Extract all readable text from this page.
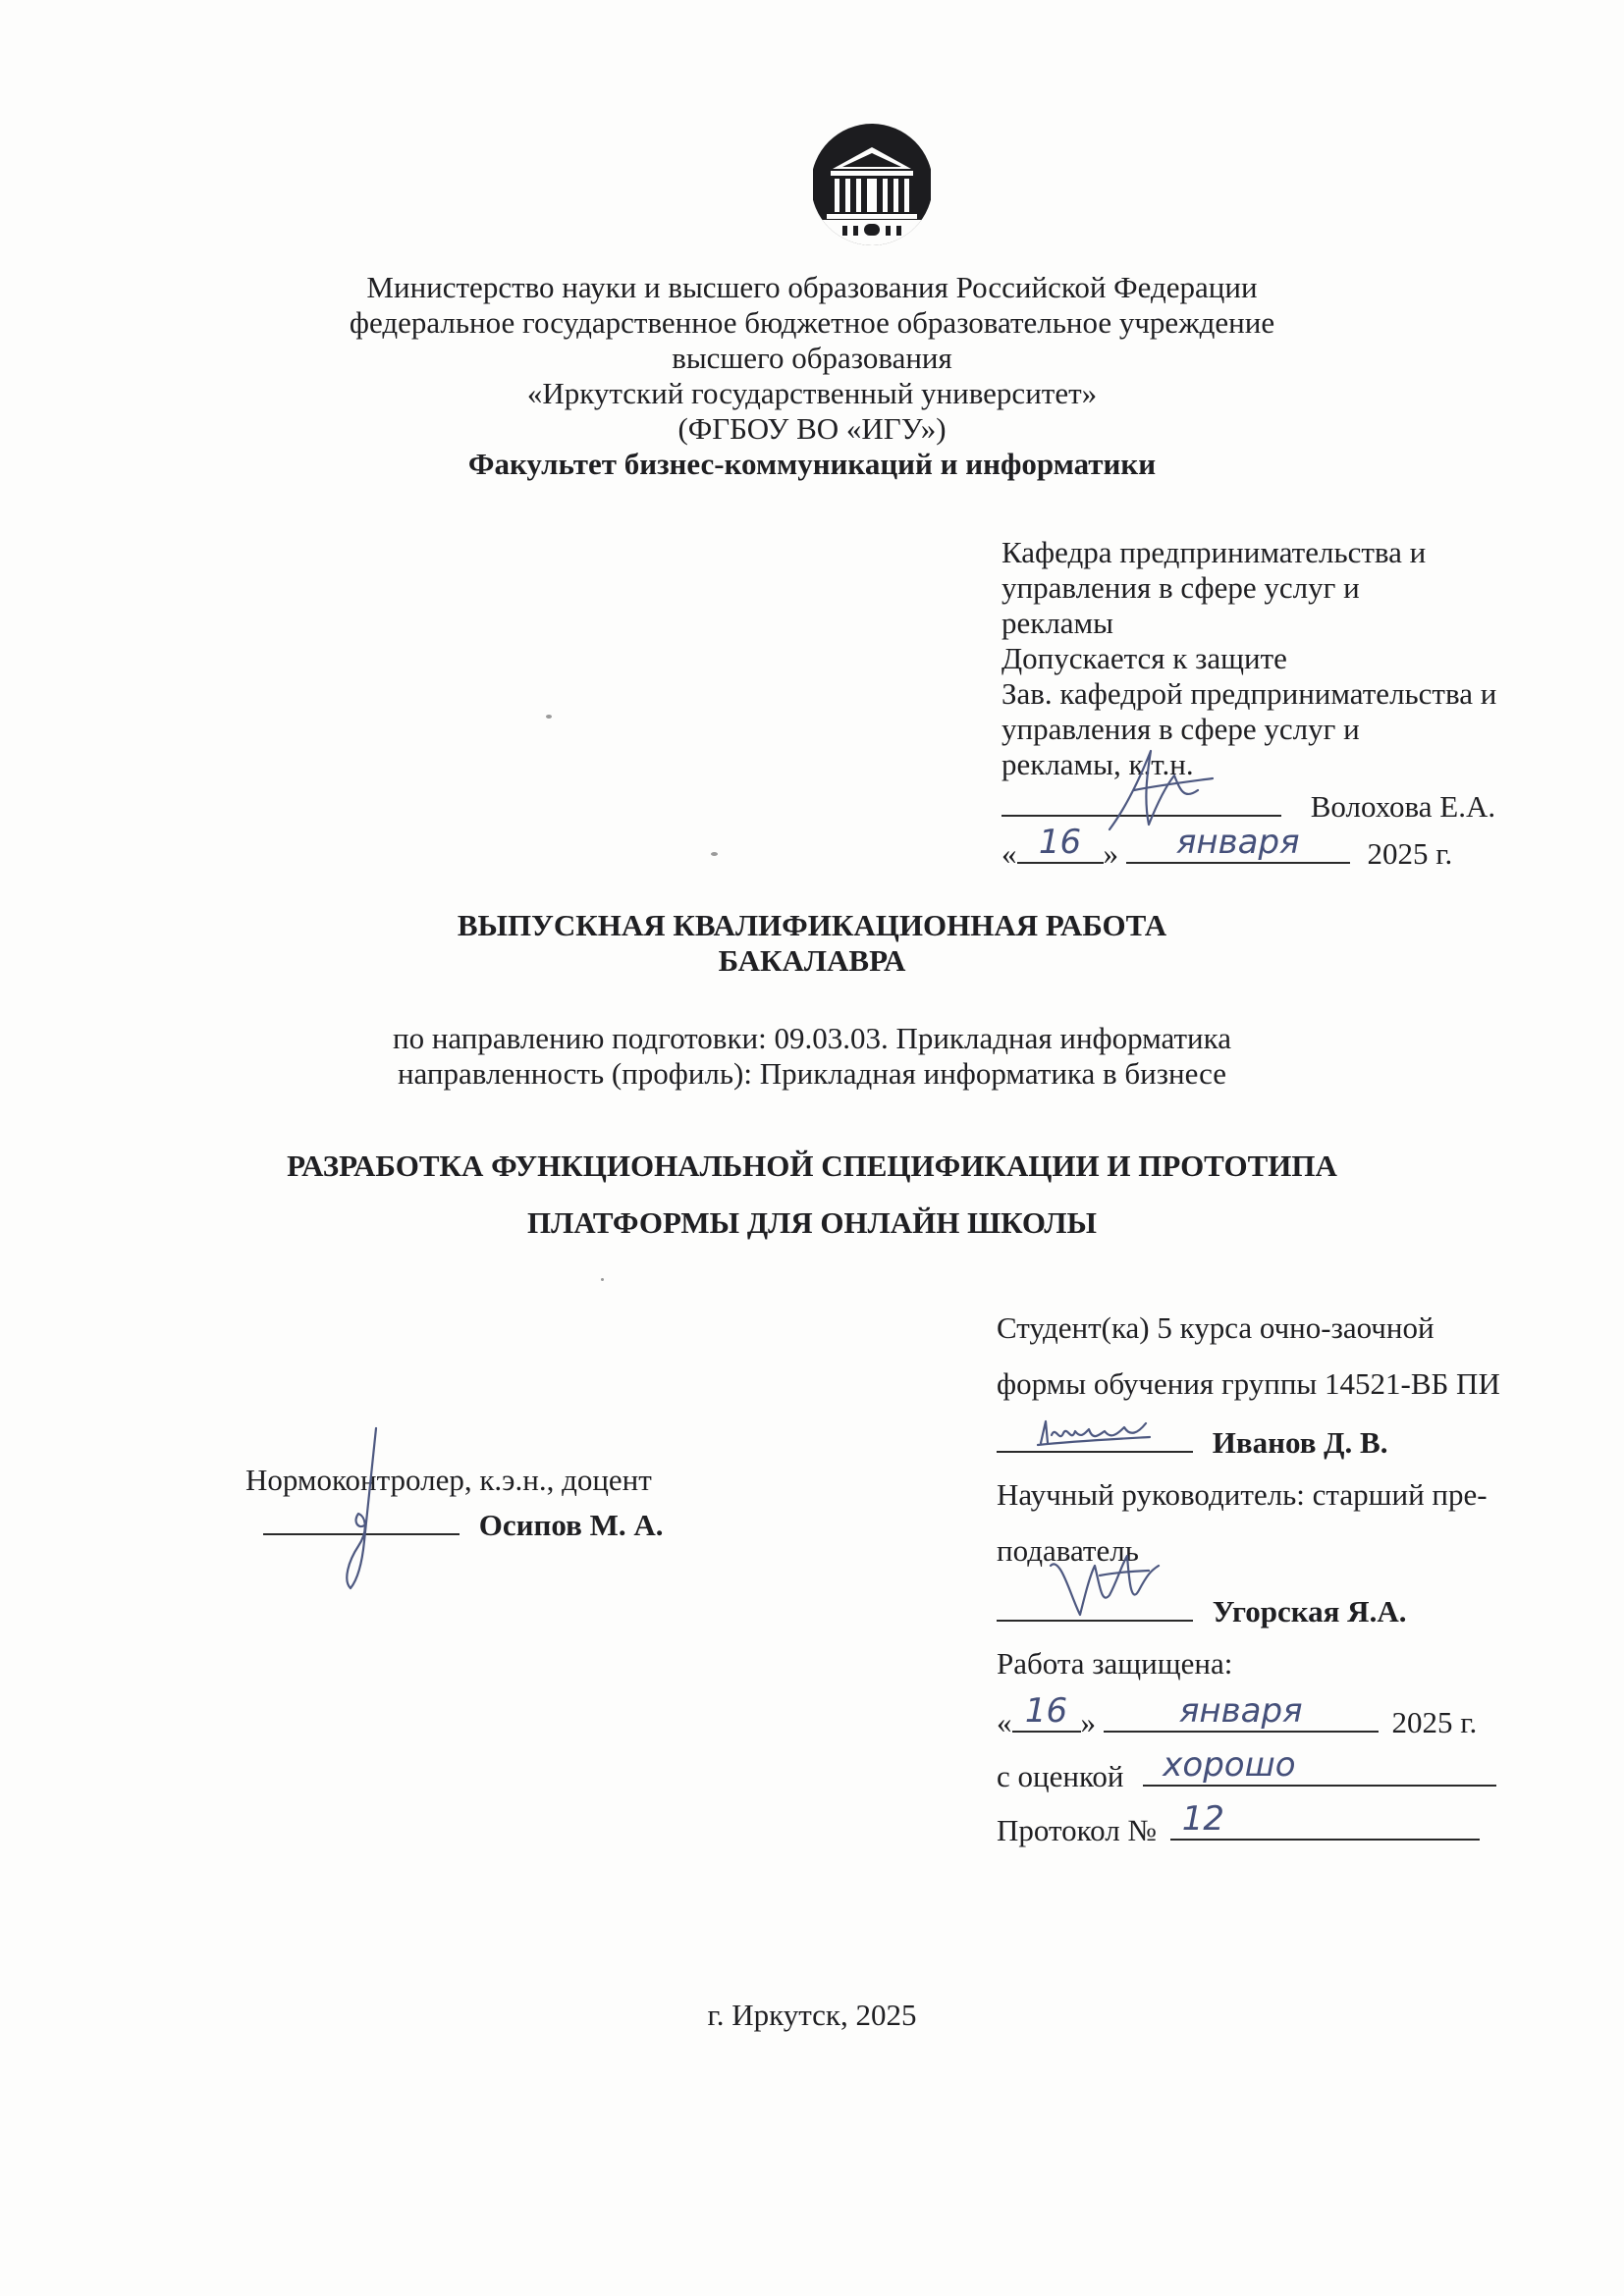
Министерство науки и высшего образования Российской Федерации
федеральное государственное бюджетное образовательное учреждение
высшего образования
«Иркутский государственный университет»
(ФГБОУ ВО «ИГУ»)
Факультет бизнес-коммуникаций и информатики
Кафедра предпринимательства и
управления в сфере услуг и
рекламы
Допускается к защите
Зав. кафедрой предпринимательства и
управления в сфере услуг и
рекламы, к.т.н.
Волохова Е.А.
« 16 »	января	2025 г.
ВЫПУСКНАЯ КВАЛИФИКАЦИОННАЯ РАБОТА
БАКАЛАВРА
по направлению подготовки: 09.03.03. Прикладная информатика
направленность (профиль): Прикладная информатика в бизнесе
РАЗРАБОТКА ФУНКЦИОНАЛЬНОЙ СПЕЦИФИКАЦИИ И ПРОТОТИПА
ПЛАТФОРМЫ ДЛЯ ОНЛАЙН ШКОЛЫ
Студент(ка) 5 курса очно-заочной
формы обучения группы 14521-ВБ ПИ
Иванов Д. В.
Научный руководитель: старший пре-
подаватель
Угорская Я.А.
Работа защищена:
« 16 »	января	2025 г.
с оценкой	хорошо
Протокол № 12
Нормоконтролер, к.э.н., доцент
Осипов М. А.
г. Иркутск, 2025
